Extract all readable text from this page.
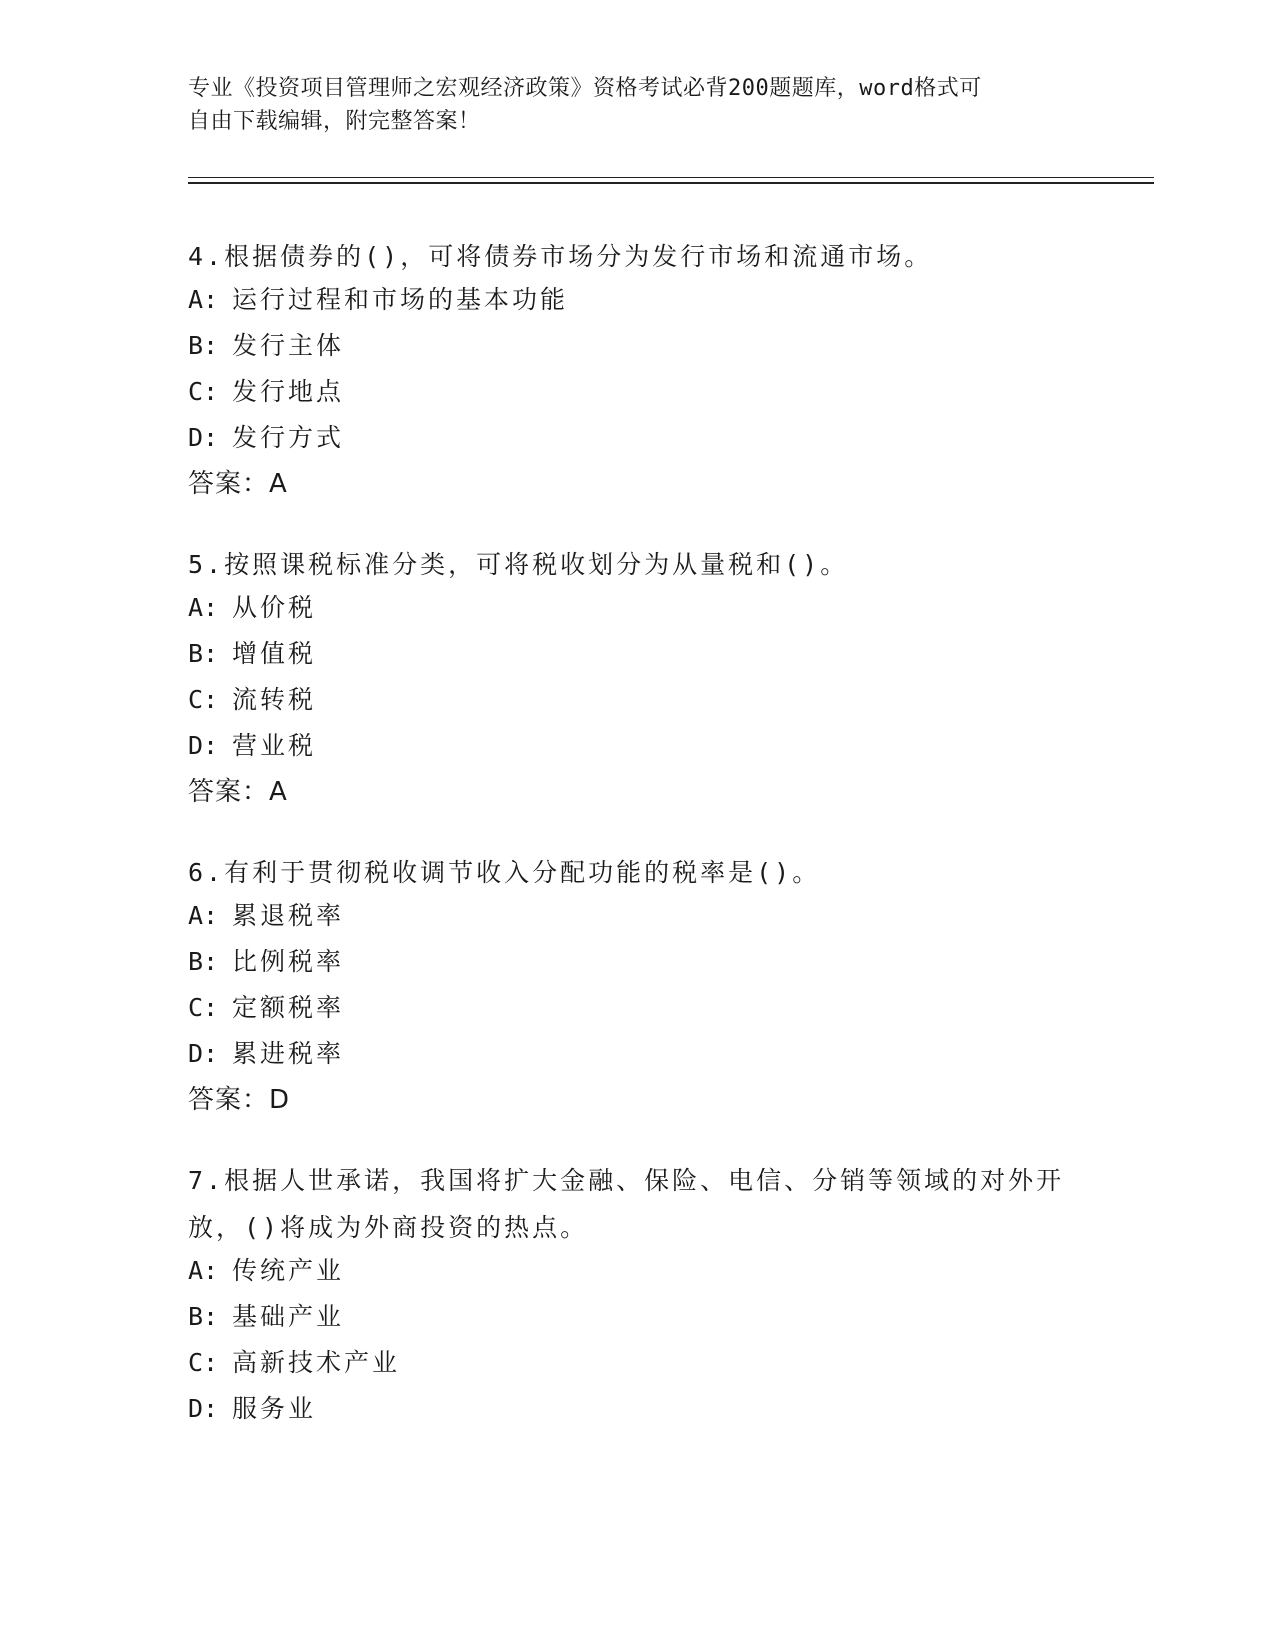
专业《投资项目管理师之宏观经济政策》资格考试必背200题题库，word格式可
自由下载编辑，附完整答案！
4.根据债券的()，可将债券市场分为发行市场和流通市场。
A: 运行过程和市场的基本功能
B: 发行主体
C: 发行地点
D: 发行方式
答案：A
5.按照课税标准分类，可将税收划分为从量税和()。
A: 从价税
B: 增值税
C: 流转税
D: 营业税
答案：A
6.有利于贯彻税收调节收入分配功能的税率是()。
A: 累退税率
B: 比例税率
C: 定额税率
D: 累进税率
答案：D
7.根据人世承诺，我国将扩大金融、保险、电信、分销等领域的对外开放，()将成为外商投资的热点。
A: 传统产业
B: 基础产业
C: 高新技术产业
D: 服务业
